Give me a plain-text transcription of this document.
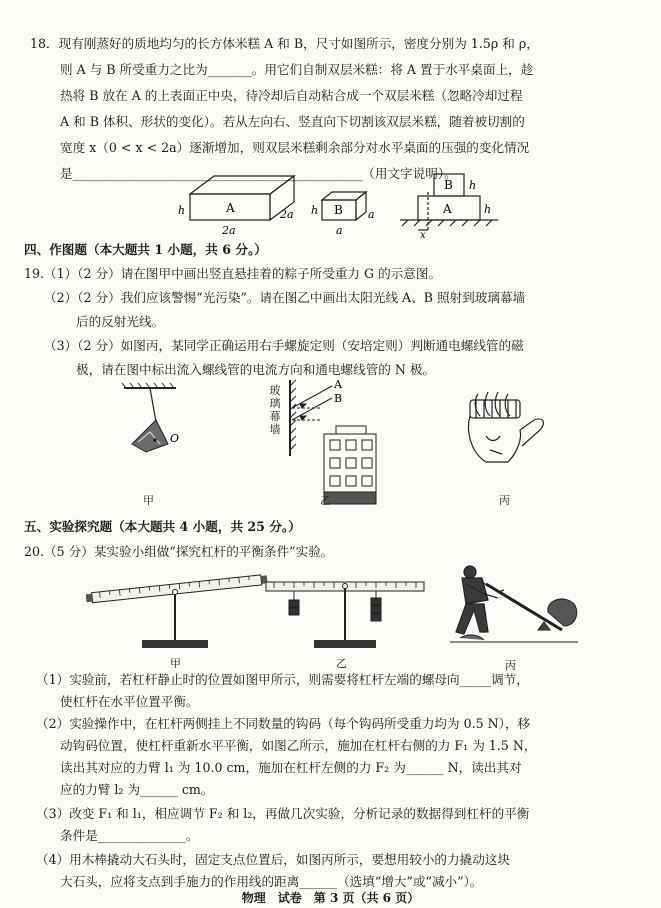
18．现有刚蒸好的质地均匀的长方体米糕 A 和 B，尺寸如图所示，密度分别为 1.5ρ 和 ρ，
则 A 与 B 所受重力之比为_______。用它们自制双层米糕：将 A 置于水平桌面上，趁
热将 B 放在 A 的上表面正中央，待冷却后自动粘合成一个双层米糕（忽略冷却过程
A 和 B 体积、形状的变化）。若从左向右、竖直向下切割该双层米糕，随着被切割的
宽度 x（0 < x < 2a）逐渐增加，则双层米糕剩余部分对水平桌面的压强的变化情况
是______________________________________________（用文字说明）。
A
h	2a
2a
B
h	a
a
B
A
h
h
x
四、作图题（本大题共 1 小题，共 6 分。）
19.（1）（2 分）请在图甲中画出竖直悬挂着的粽子所受重力 G 的示意图。
（2）（2 分）我们应该警惕“光污染”。请在图乙中画出太阳光线 A、B 照射到玻璃幕墙
后的反射光线。
（3）（2 分）如图丙，某同学正确运用右手螺旋定则（安培定则）判断通电螺线管的磁
极，请在图中标出流入螺线管的电流方向和通电螺线管的 N 极。
O
甲
A
B
玻
璃
幕
墙
乙	丙
五、实验探究题（本大题共 4 小题，共 25 分。）
20.（5 分）某实验小组做“探究杠杆的平衡条件”实验。
甲	乙	丙
（1）实验前，若杠杆静止时的位置如图甲所示，则需要将杠杆左端的螺母向_____调节，
使杠杆在水平位置平衡。
（2）实验操作中，在杠杆两侧挂上不同数量的钩码（每个钩码所受重力均为 0.5 N），移
动钩码位置，使杠杆重新水平平衡，如图乙所示，施加在杠杆右侧的力 F₁ 为 1.5 N，
读出其对应的力臂 l₁ 为 10.0 cm，施加在杠杆左侧的力 F₂ 为______ N，读出其对
应的力臂 l₂ 为______ cm。
（3）改变 F₁ 和 l₁，相应调节 F₂ 和 l₂，再做几次实验，分析记录的数据得到杠杆的平衡
条件是______________。
（4）用木棒撬动大石头时，固定支点位置后，如图丙所示，要想用较小的力撬动这块
大石头，应将支点到手施力的作用线的距离______（选填“增大”或“减小”）。
物理　试卷　第 3 页（共 6 页）
